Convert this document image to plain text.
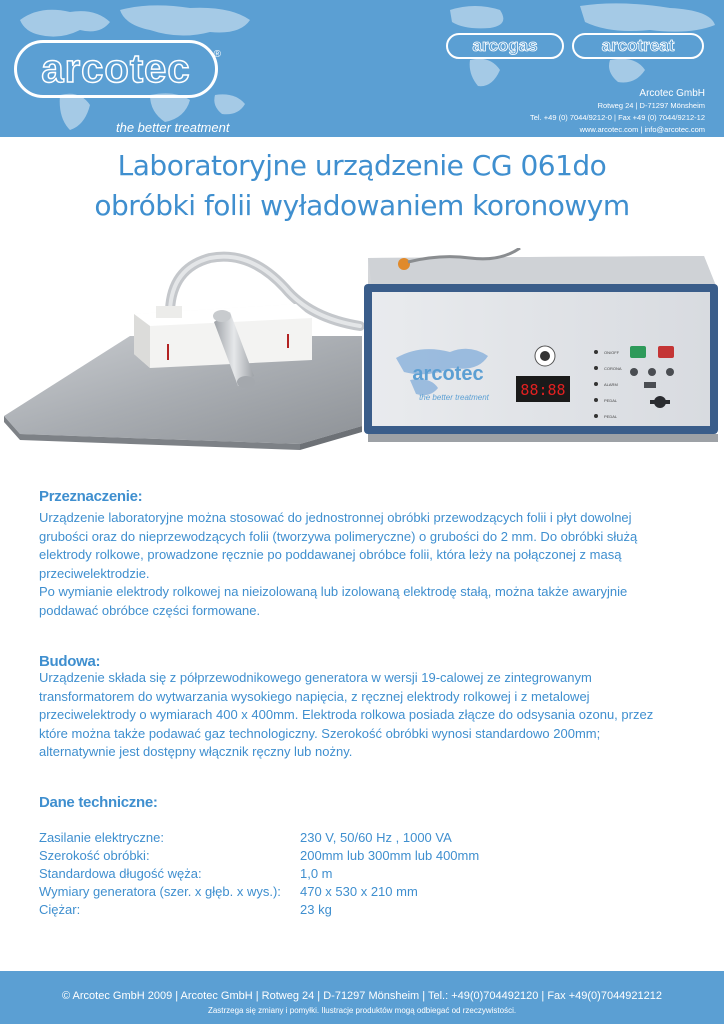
arcotec	®
the better treatment
arcogas	arcotreat
Arcotec GmbH
Rotweg 24 | D-71297 Mönsheim
Tel. +49 (0) 7044/9212-0 | Fax +49 (0) 7044/9212-12
www.arcotec.com | info@arcotec.com
Laboratoryjne urządzenie CG 061do
obróbki folii wyładowaniem koronowym
arcotec
the better treatment 88:88
ON/OFF
CORONA
ALARM
PEDAL
PEDAL
Przeznaczenie:
Urządzenie laboratoryjne można stosować do jednostronnej obróbki przewodzących folii i płyt dowolnej
grubości oraz do nieprzewodzących folii (tworzywa polimeryczne) o grubości do 2 mm. Do obróbki służą
elektrody rolkowe, prowadzone ręcznie po poddawanej obróbce folii, która leży na połączonej z masą
przeciwelektrodzie.
Po wymianie elektrody rolkowej na nieizolowaną lub izolowaną elektrodę stałą, można także awaryjnie
poddawać obróbce części formowane.
Budowa:
Urządzenie składa się z półprzewodnikowego generatora w wersji 19-calowej ze zintegrowanym
transformatorem do wytwarzania wysokiego napięcia, z ręcznej elektrody rolkowej i z metalowej
przeciwelektrody o wymiarach 400 x 400mm. Elektroda rolkowa posiada złącze do odsysania ozonu, przez
które można także podawać gaz technologiczny. Szerokość obróbki wynosi standardowo 200mm;
alternatywnie jest dostępny włącznik ręczny lub nożny.
Dane techniczne:
Zasilanie elektryczne:	230 V, 50/60 Hz , 1000 VA
Szerokość obróbki:	200mm lub 300mm lub 400mm
Standardowa długość węża:	1,0 m
Wymiary generatora (szer. x głęb. x wys.): 470 x 530 x 210 mm
Ciężar:	23 kg
© Arcotec GmbH 2009 | Arcotec GmbH | Rotweg 24 | D-71297 Mönsheim | Tel.: +49(0)704492120 | Fax +49(0)7044921212
Zastrzega się zmiany i pomyłki. Ilustracje produktów mogą odbiegać od rzeczywistości.
